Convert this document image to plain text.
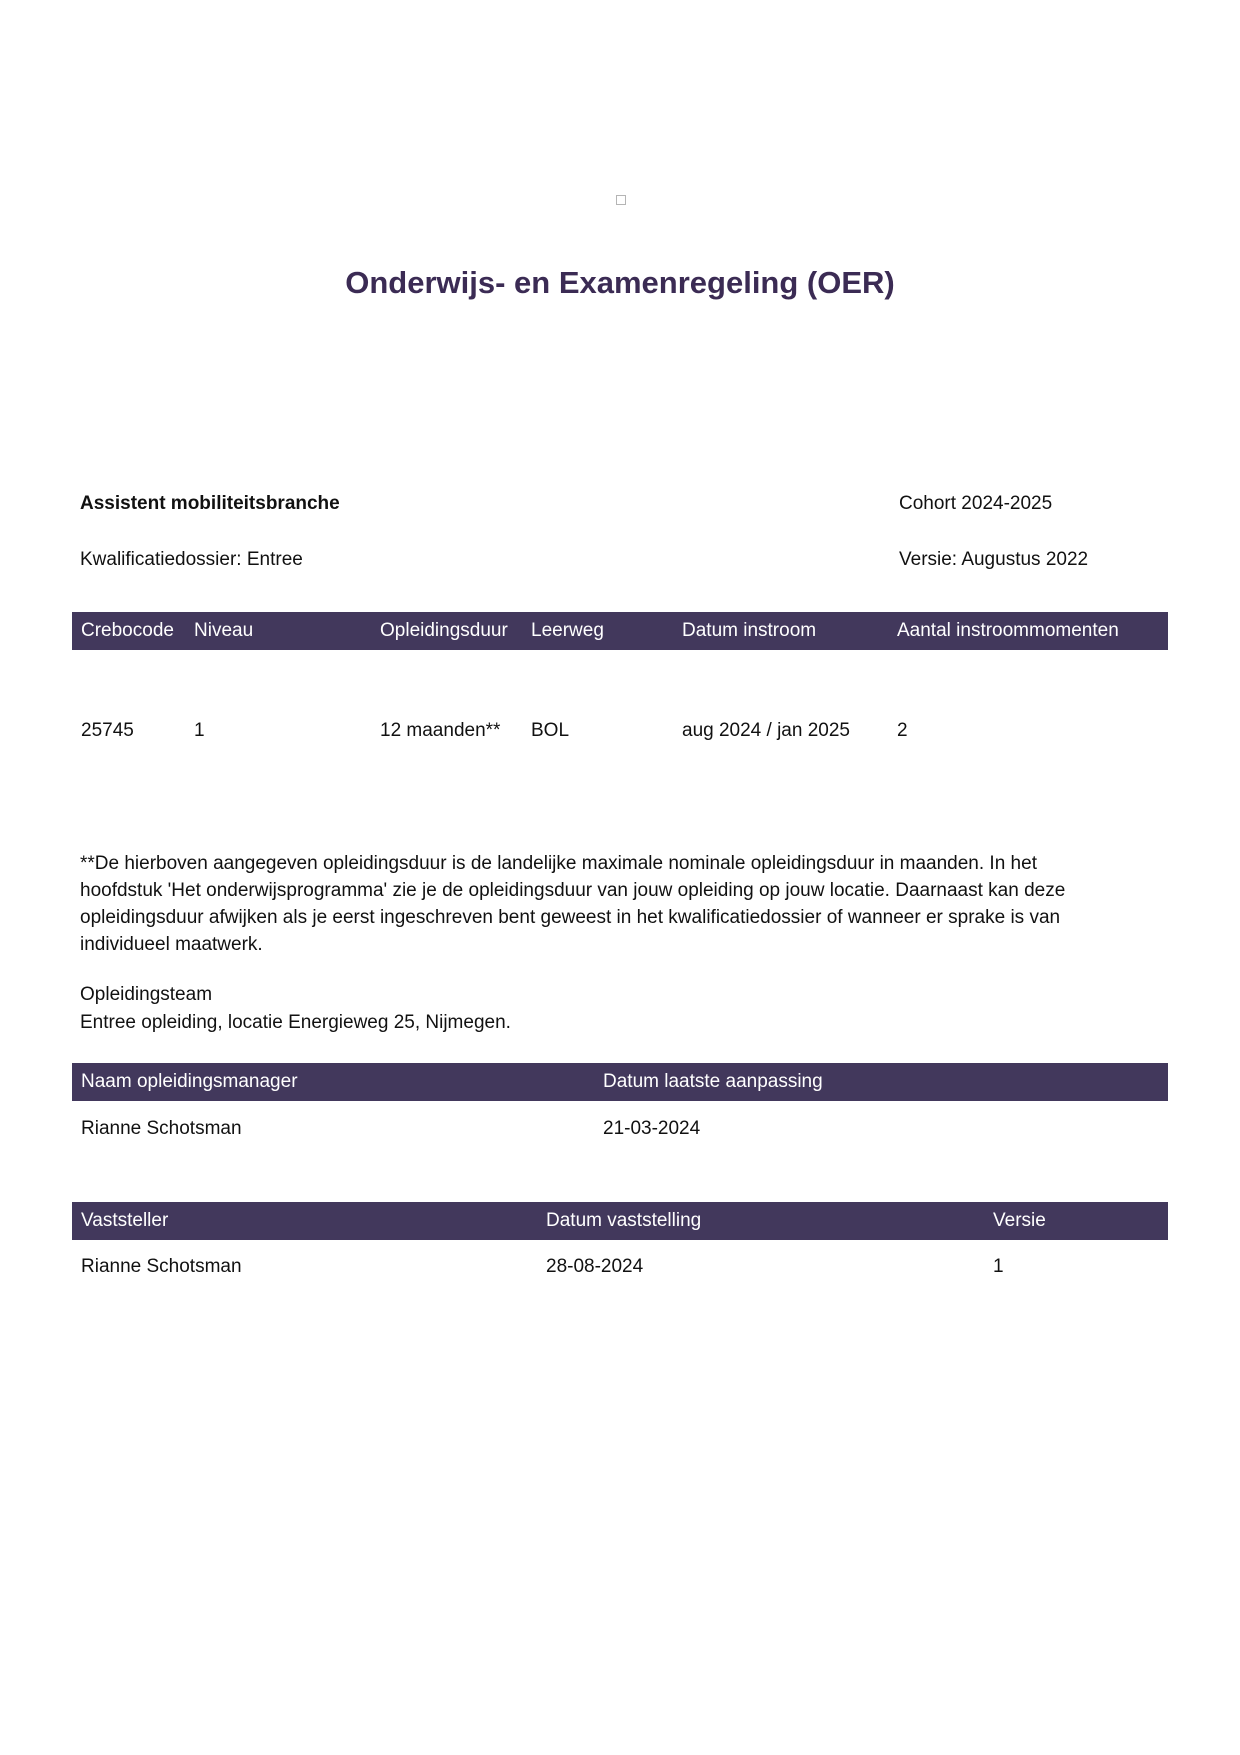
Onderwijs- en Examenregeling (OER)
Assistent mobiliteitsbranche	Cohort 2024-2025
Kwalificatiedossier: Entree	Versie: Augustus 2022
Crebocode	Niveau	Opleidingsduur	Leerweg	Datum instroom	Aantal instroommomenten
25745	1	12 maanden**	BOL	aug 2024 / jan 2025	2
**De hierboven aangegeven opleidingsduur is de landelijke maximale nominale opleidingsduur in maanden. In het
hoofdstuk 'Het onderwijsprogramma' zie je de opleidingsduur van jouw opleiding op jouw locatie. Daarnaast kan deze
opleidingsduur afwijken als je eerst ingeschreven bent geweest in het kwalificatiedossier of wanneer er sprake is van
individueel maatwerk.
Opleidingsteam
Entree opleiding, locatie Energieweg 25, Nijmegen.
Naam opleidingsmanager	Datum laatste aanpassing
Rianne Schotsman	21-03-2024
Vaststeller	Datum vaststelling	Versie
Rianne Schotsman	28-08-2024	1
